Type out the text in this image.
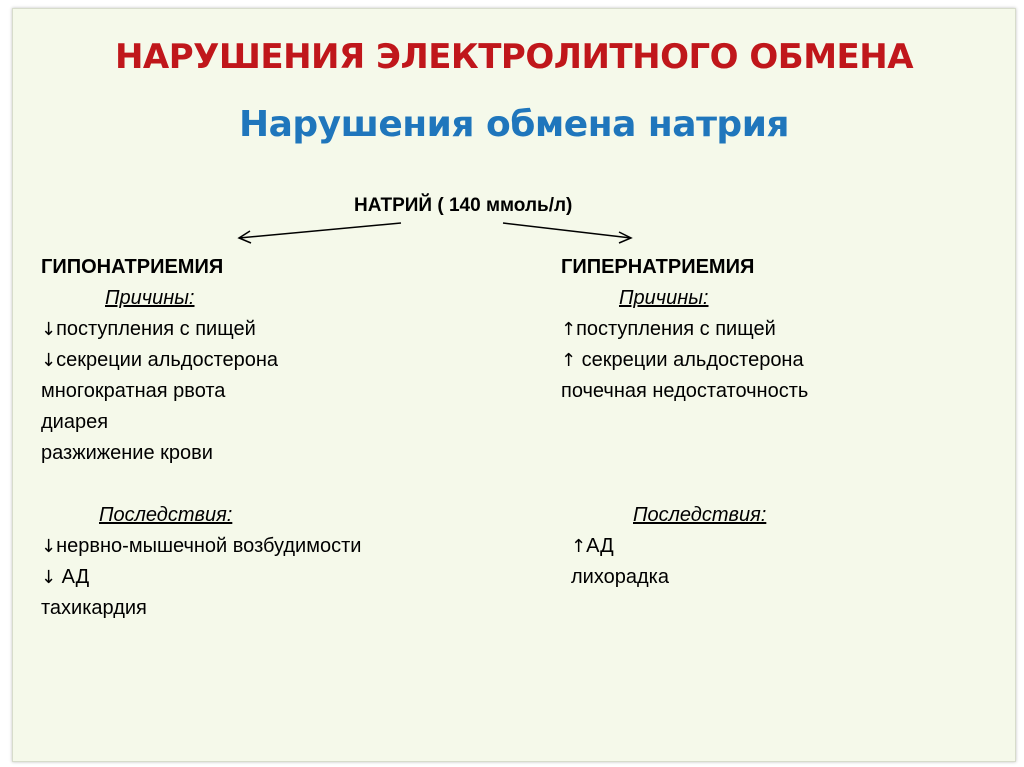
НАРУШЕНИЯ ЭЛЕКТРОЛИТНОГО ОБМЕНА
Нарушения обмена натрия
НАТРИЙ ( 140 ммоль/л)
ГИПОНАТРИЕМИЯ
Причины:
↓поступления с пищей
↓секреции альдостерона
многократная рвота
диарея
разжижение крови
Последствия:
↓нервно-мышечной возбудимости
↓ АД
тахикардия
ГИПЕРНАТРИЕМИЯ
Причины:
↑поступления с пищей
↑ секреции альдостерона
почечная недостаточность
Последствия:
↑АД
лихорадка
